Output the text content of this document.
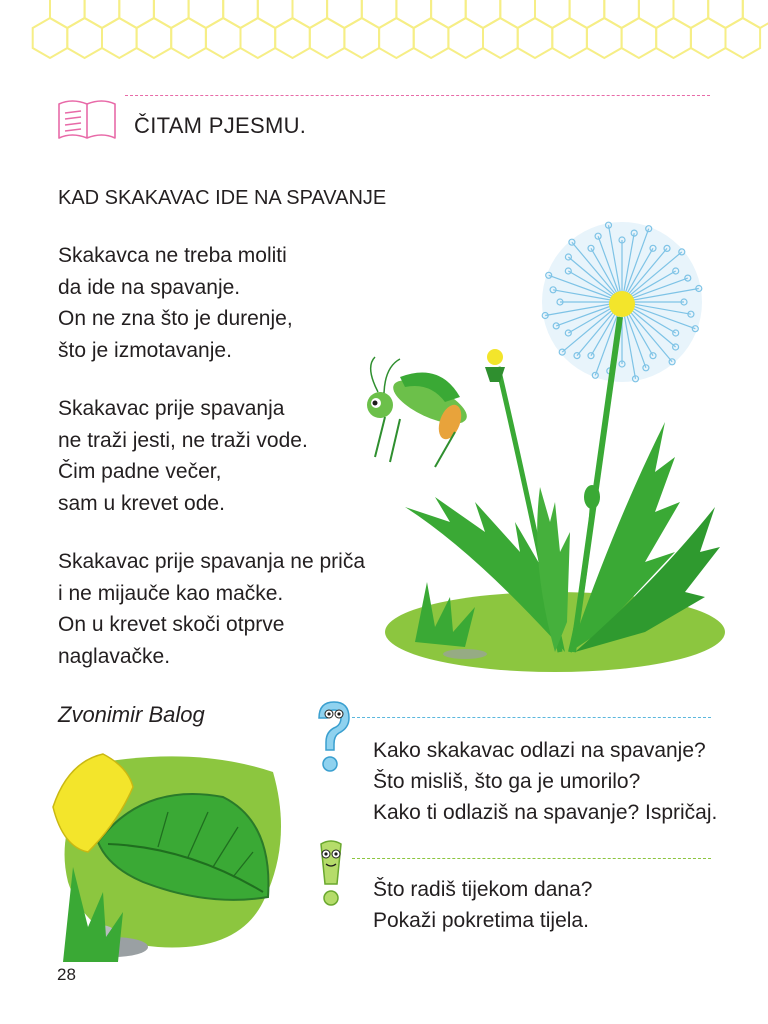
ČITAM PJESMU.
KAD SKAKAVAC IDE NA SPAVANJE
Skakavca ne treba moliti
da ide na spavanje.
On ne zna što je durenje,
što je izmotavanje.
Skakavac prije spavanja
ne traži jesti, ne traži vode.
Čim padne večer,
sam u krevet ode.
Skakavac prije spavanja ne priča
i ne mijauče kao mačke.
On u krevet skoči otprve
naglavačke.
Zvonimir Balog
Kako skakavac odlazi na spavanje?
Što misliš, što ga je umorilo?
Kako ti odlaziš na spavanje? Ispričaj.
Što radiš tijekom dana?
Pokaži pokretima tijela.
28
